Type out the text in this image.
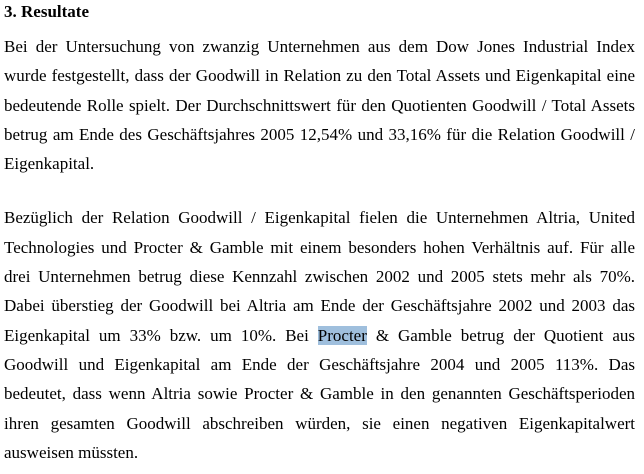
3. Resultate
Bei der Untersuchung von zwanzig Unternehmen aus dem Dow Jones Industrial Index
wurde festgestellt, dass der Goodwill in Relation zu den Total Assets und Eigenkapital eine
bedeutende Rolle spielt. Der Durchschnittswert für den Quotienten Goodwill / Total Assets
betrug am Ende des Geschäftsjahres 2005 12,54% und 33,16% für die Relation Goodwill /
Eigenkapital.
Bezüglich der Relation Goodwill / Eigenkapital fielen die Unternehmen Altria, United
Technologies und Procter & Gamble mit einem besonders hohen Verhältnis auf. Für alle
drei Unternehmen betrug diese Kennzahl zwischen 2002 und 2005 stets mehr als 70%.
Dabei überstieg der Goodwill bei Altria am Ende der Geschäftsjahre 2002 und 2003 das
Eigenkapital um 33% bzw. um 10%. Bei Procter & Gamble betrug der Quotient aus
Goodwill und Eigenkapital am Ende der Geschäftsjahre 2004 und 2005 113%. Das
bedeutet, dass wenn Altria sowie Procter & Gamble in den genannten Geschäftsperioden
ihren gesamten Goodwill abschreiben würden, sie einen negativen Eigenkapitalwert
ausweisen müssten.
